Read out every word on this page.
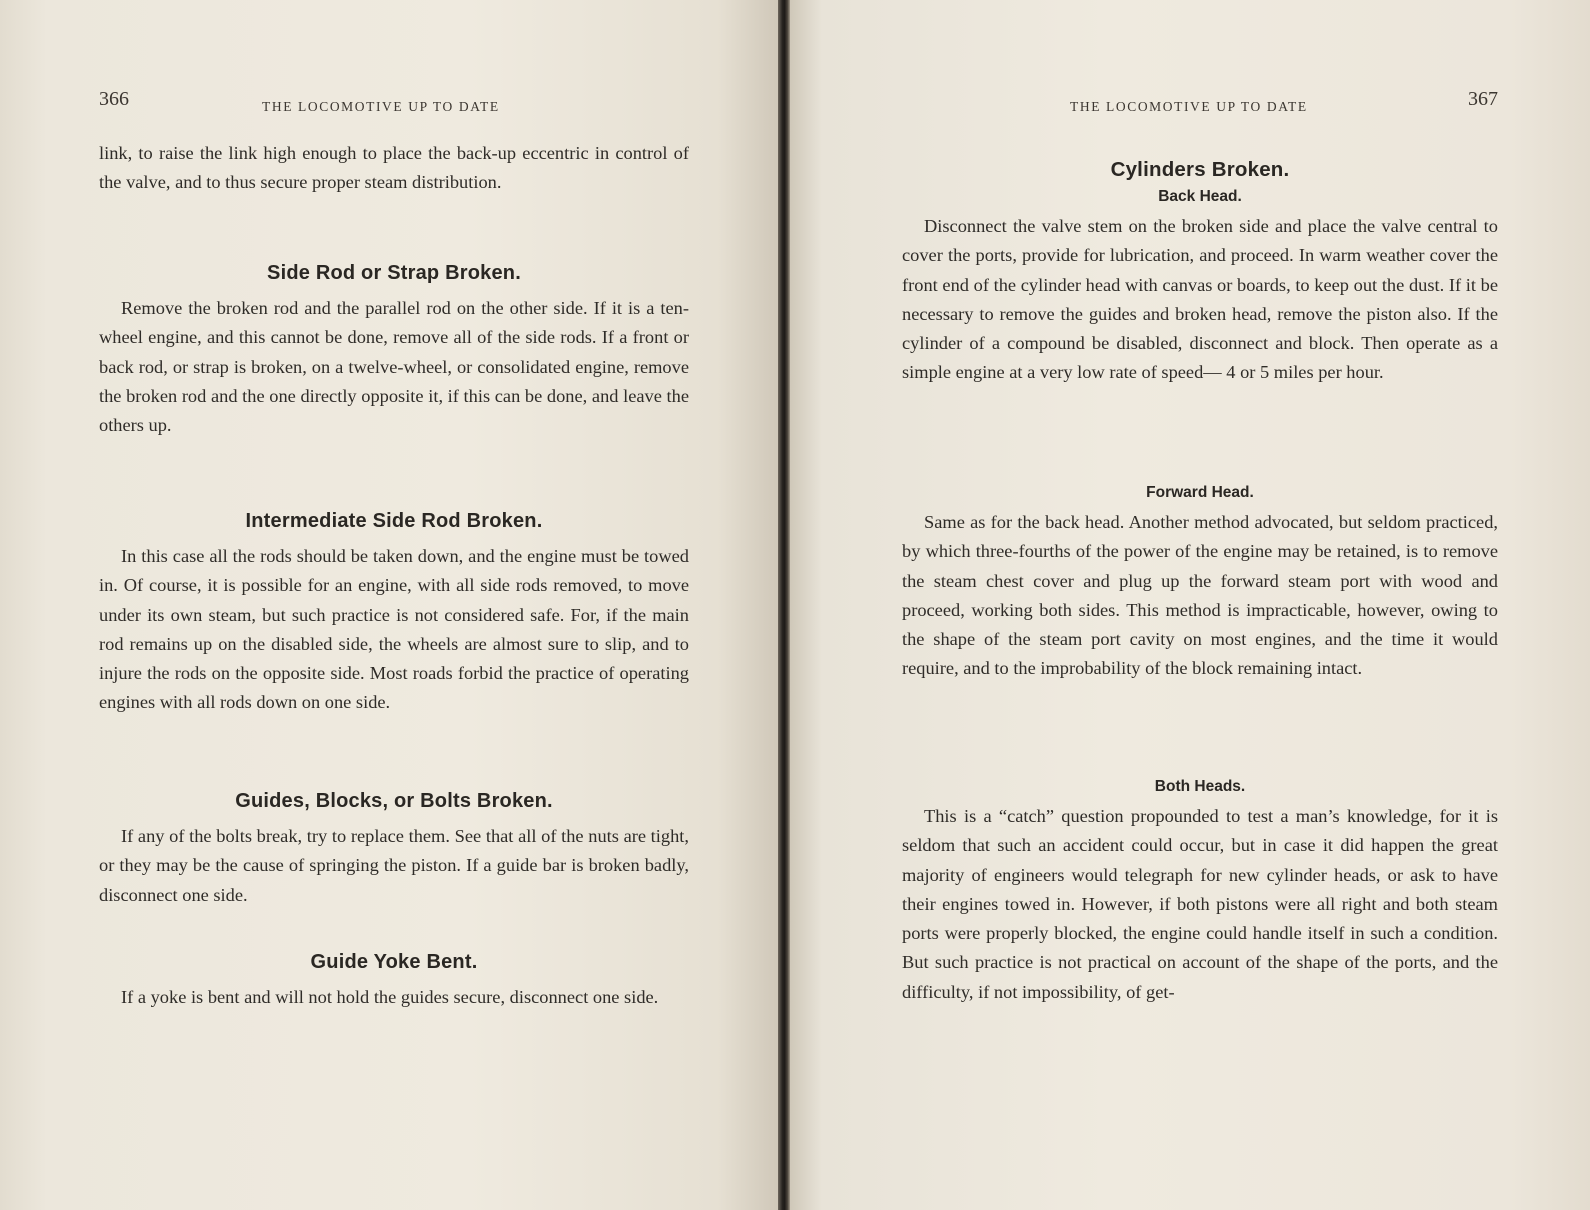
366	THE LOCOMOTIVE UP TO DATE

link, to raise the link high enough to place the back-up eccentric in control of the valve, and to thus secure proper steam distribution.

Side Rod or Strap Broken.

Remove the broken rod and the parallel rod on the other side. If it is a ten-wheel engine, and this cannot be done, remove all of the side rods. If a front or back rod, or strap is broken, on a twelve-wheel, or consolidated engine, remove the broken rod and the one directly opposite it, if this can be done, and leave the others up.

Intermediate Side Rod Broken.

In this case all the rods should be taken down, and the engine must be towed in. Of course, it is possible for an engine, with all side rods removed, to move under its own steam, but such practice is not considered safe. For, if the main rod remains up on the disabled side, the wheels are almost sure to slip, and to injure the rods on the opposite side. Most roads forbid the practice of operating engines with all rods down on one side.

Guides, Blocks, or Bolts Broken.

If any of the bolts break, try to replace them. See that all of the nuts are tight, or they may be the cause of springing the piston. If a guide bar is broken badly, disconnect one side.

Guide Yoke Bent.

If a yoke is bent and will not hold the guides secure, disconnect one side.

THE LOCOMOTIVE UP TO DATE	367

Cylinders Broken.

Back Head.

Disconnect the valve stem on the broken side and place the valve central to cover the ports, provide for lubrication, and proceed. In warm weather cover the front end of the cylinder head with canvas or boards, to keep out the dust. If it be necessary to remove the guides and broken head, remove the piston also. If the cylinder of a compound be disabled, disconnect and block. Then operate as a simple engine at a very low rate of speed— 4 or 5 miles per hour.

Forward Head.

Same as for the back head. Another method advocated, but seldom practiced, by which three-fourths of the power of the engine may be retained, is to remove the steam chest cover and plug up the forward steam port with wood and proceed, working both sides. This method is impracticable, however, owing to the shape of the steam port cavity on most engines, and the time it would require, and to the improbability of the block remaining intact.

Both Heads.

This is a “catch” question propounded to test a man’s knowledge, for it is seldom that such an accident could occur, but in case it did happen the great majority of engineers would telegraph for new cylinder heads, or ask to have their engines towed in. However, if both pistons were all right and both steam ports were properly blocked, the engine could handle itself in such a condition. But such practice is not practical on account of the shape of the ports, and the difficulty, if not impossibility, of get-
